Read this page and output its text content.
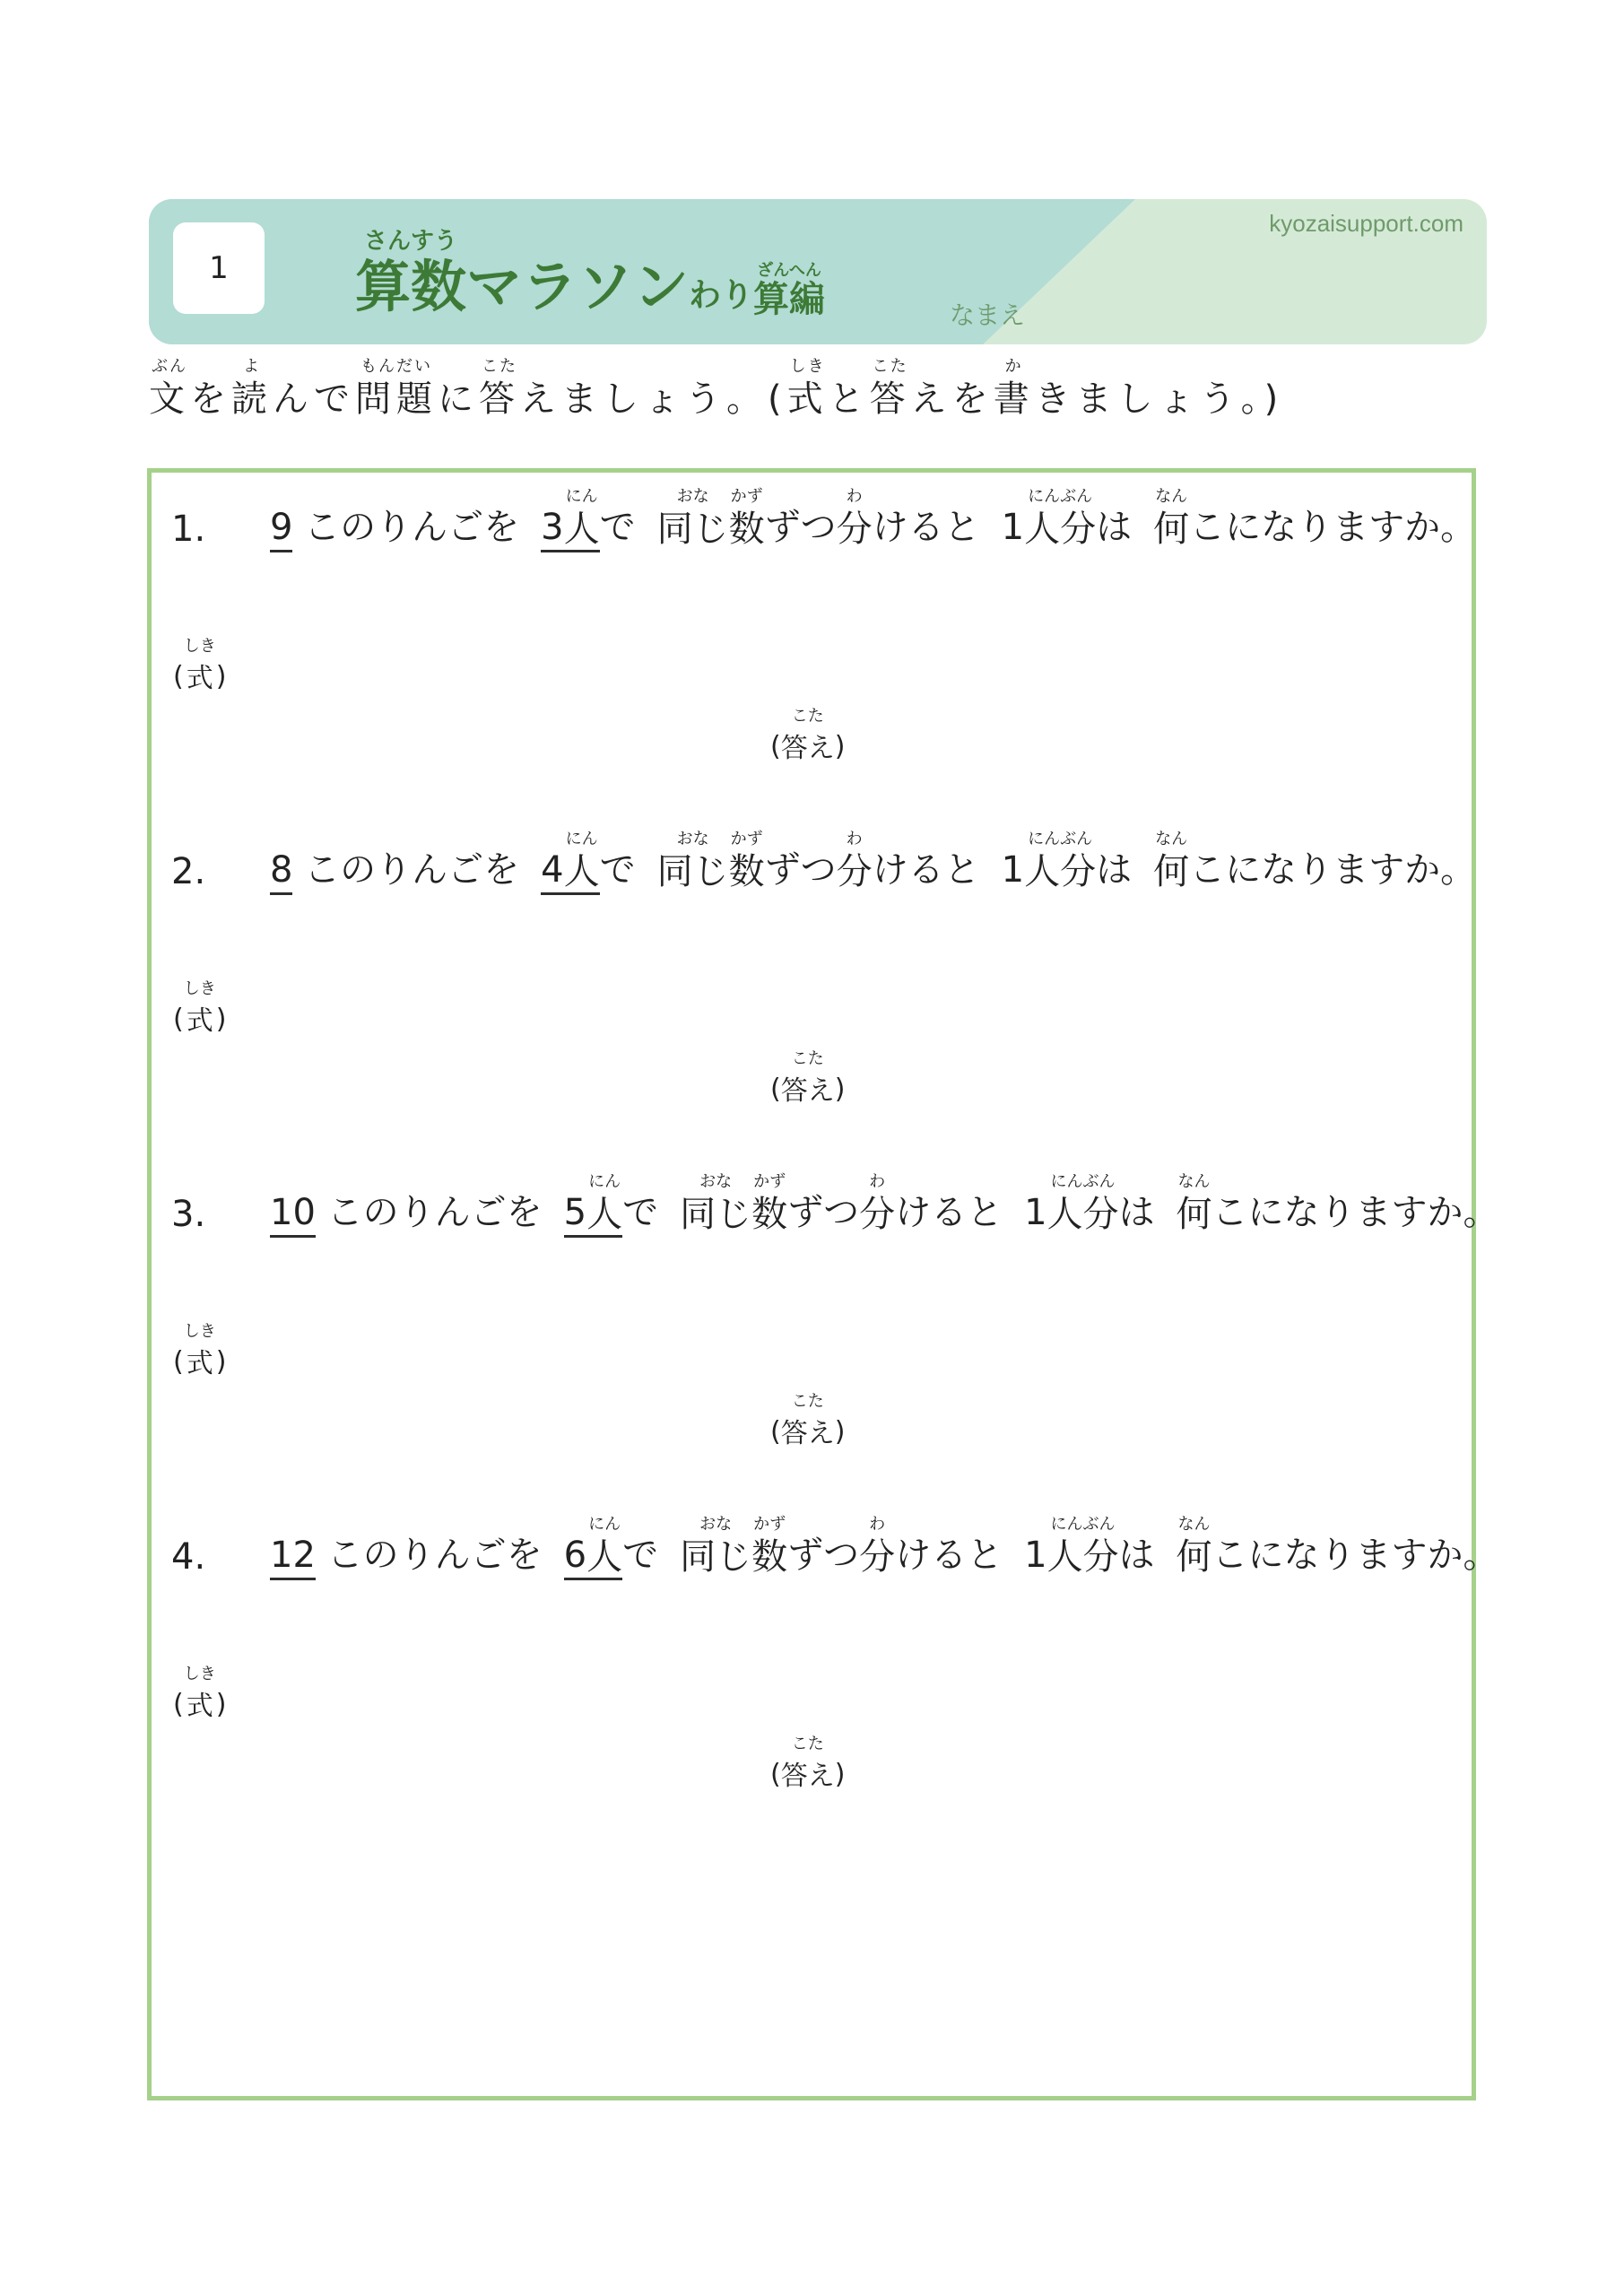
1
さんすう
算数 マラソンわり
ざんへん
算編
kyozaisupport.com
なまえ
ぶん
文
を
よ
読
んで
もんだい
問題
に
こた
答
えましょう。(
しき
式
と
こた
答
えを
か
書
きましょう。)
1. 9 このりんごを 3
にん
人 で
おな
同じ
かず
数 ずつ
わ
分 けると 1
にんぶん
人分 は
なん
何 こになりますか。
(
しき
式 )
(
こた
答え )
2. 8 このりんごを 4
にん
人 で
おな
同じ
かず
数 ずつ
わ
分 けると 1
にんぶん
人分 は
なん
何 こになりますか。
(
しき
式 )
(
こた
答え )
3. 10 このりんごを 5
にん
人 で
おな
同じ
かず
数 ずつ
わ
分 けると 1
にんぶん
人分 は
なん
何 こになりますか。
(
しき
式 )
(
こた
答え )
4. 12 このりんごを 6
にん
人 で
おな
同じ
かず
数 ずつ
わ
分 けると 1
にんぶん
人分 は
なん
何 こになりますか。
(
しき
式 )
(
こた
答え )
